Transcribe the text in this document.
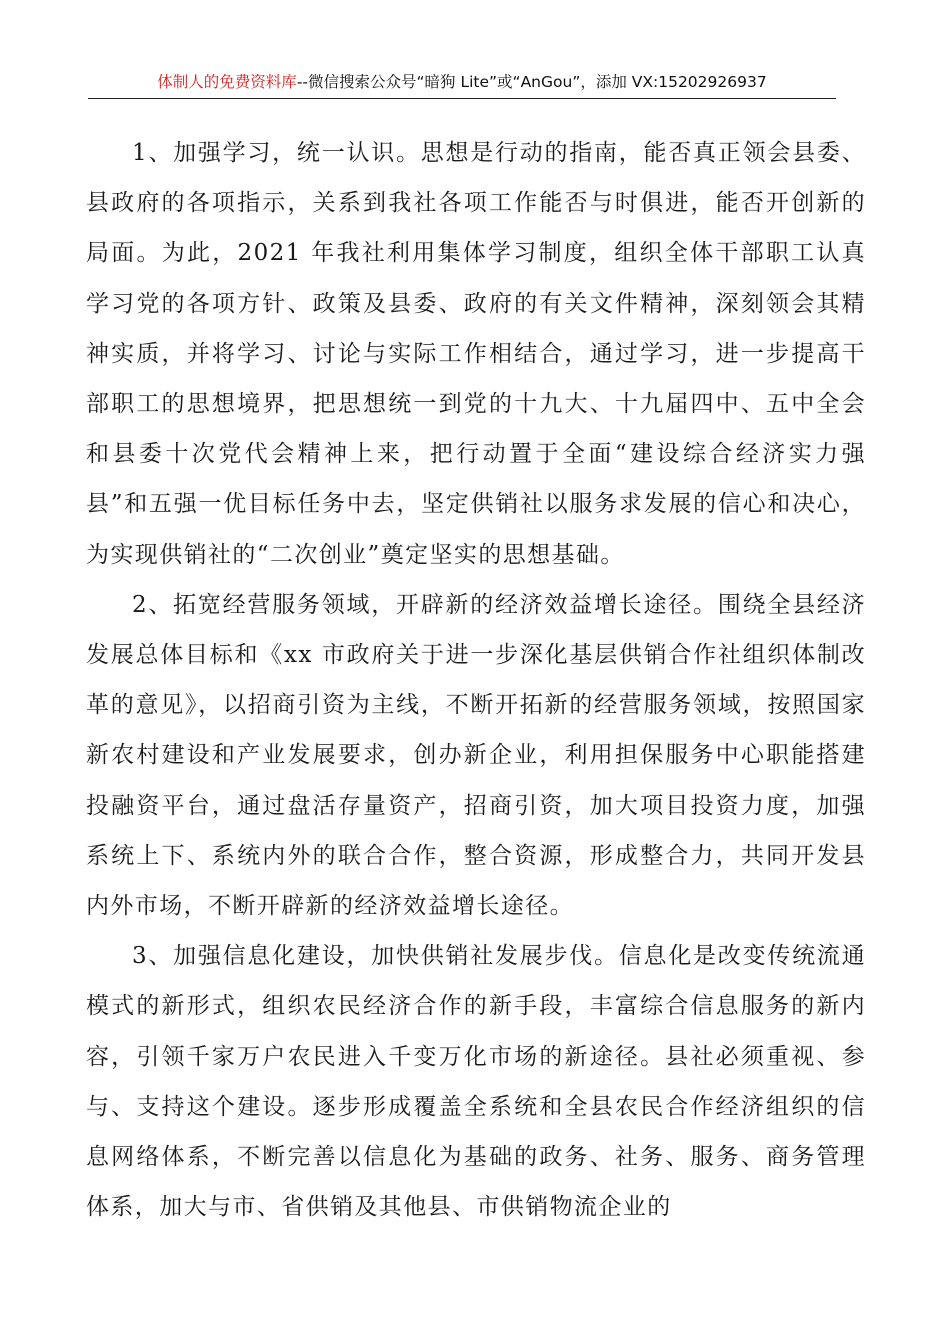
体制人的免费资料库--微信搜索公众号“暗狗 Lite”或“AnGou”，添加 VX:15202926937

1、加强学习，统一认识。思想是行动的指南，能否真正领会县委、县政府的各项指示，关系到我社各项工作能否与时俱进，能否开创新的局面。为此，2021 年我社利用集体学习制度，组织全体干部职工认真学习党的各项方针、政策及县委、政府的有关文件精神，深刻领会其精神实质，并将学习、讨论与实际工作相结合，通过学习，进一步提高干部职工的思想境界，把思想统一到党的十九大、十九届四中、五中全会和县委十次党代会精神上来，把行动置于全面“建设综合经济实力强县”和五强一优目标任务中去，坚定供销社以服务求发展的信心和决心，为实现供销社的“二次创业”奠定坚实的思想基础。

2、拓宽经营服务领域，开辟新的经济效益增长途径。围绕全县经济发展总体目标和《xx 市政府关于进一步深化基层供销合作社组织体制改革的意见》，以招商引资为主线，不断开拓新的经营服务领域，按照国家新农村建设和产业发展要求，创办新企业，利用担保服务中心职能搭建投融资平台，通过盘活存量资产，招商引资，加大项目投资力度，加强系统上下、系统内外的联合合作，整合资源，形成整合力，共同开发县内外市场，不断开辟新的经济效益增长途径。

3、加强信息化建设，加快供销社发展步伐。信息化是改变传统流通模式的新形式，组织农民经济合作的新手段，丰富综合信息服务的新内容，引领千家万户农民进入千变万化市场的新途径。县社必须重视、参与、支持这个建设。逐步形成覆盖全系统和全县农民合作经济组织的信息网络体系，不断完善以信息化为基础的政务、社务、服务、商务管理体系，加大与市、省供销及其他县、市供销物流企业的
